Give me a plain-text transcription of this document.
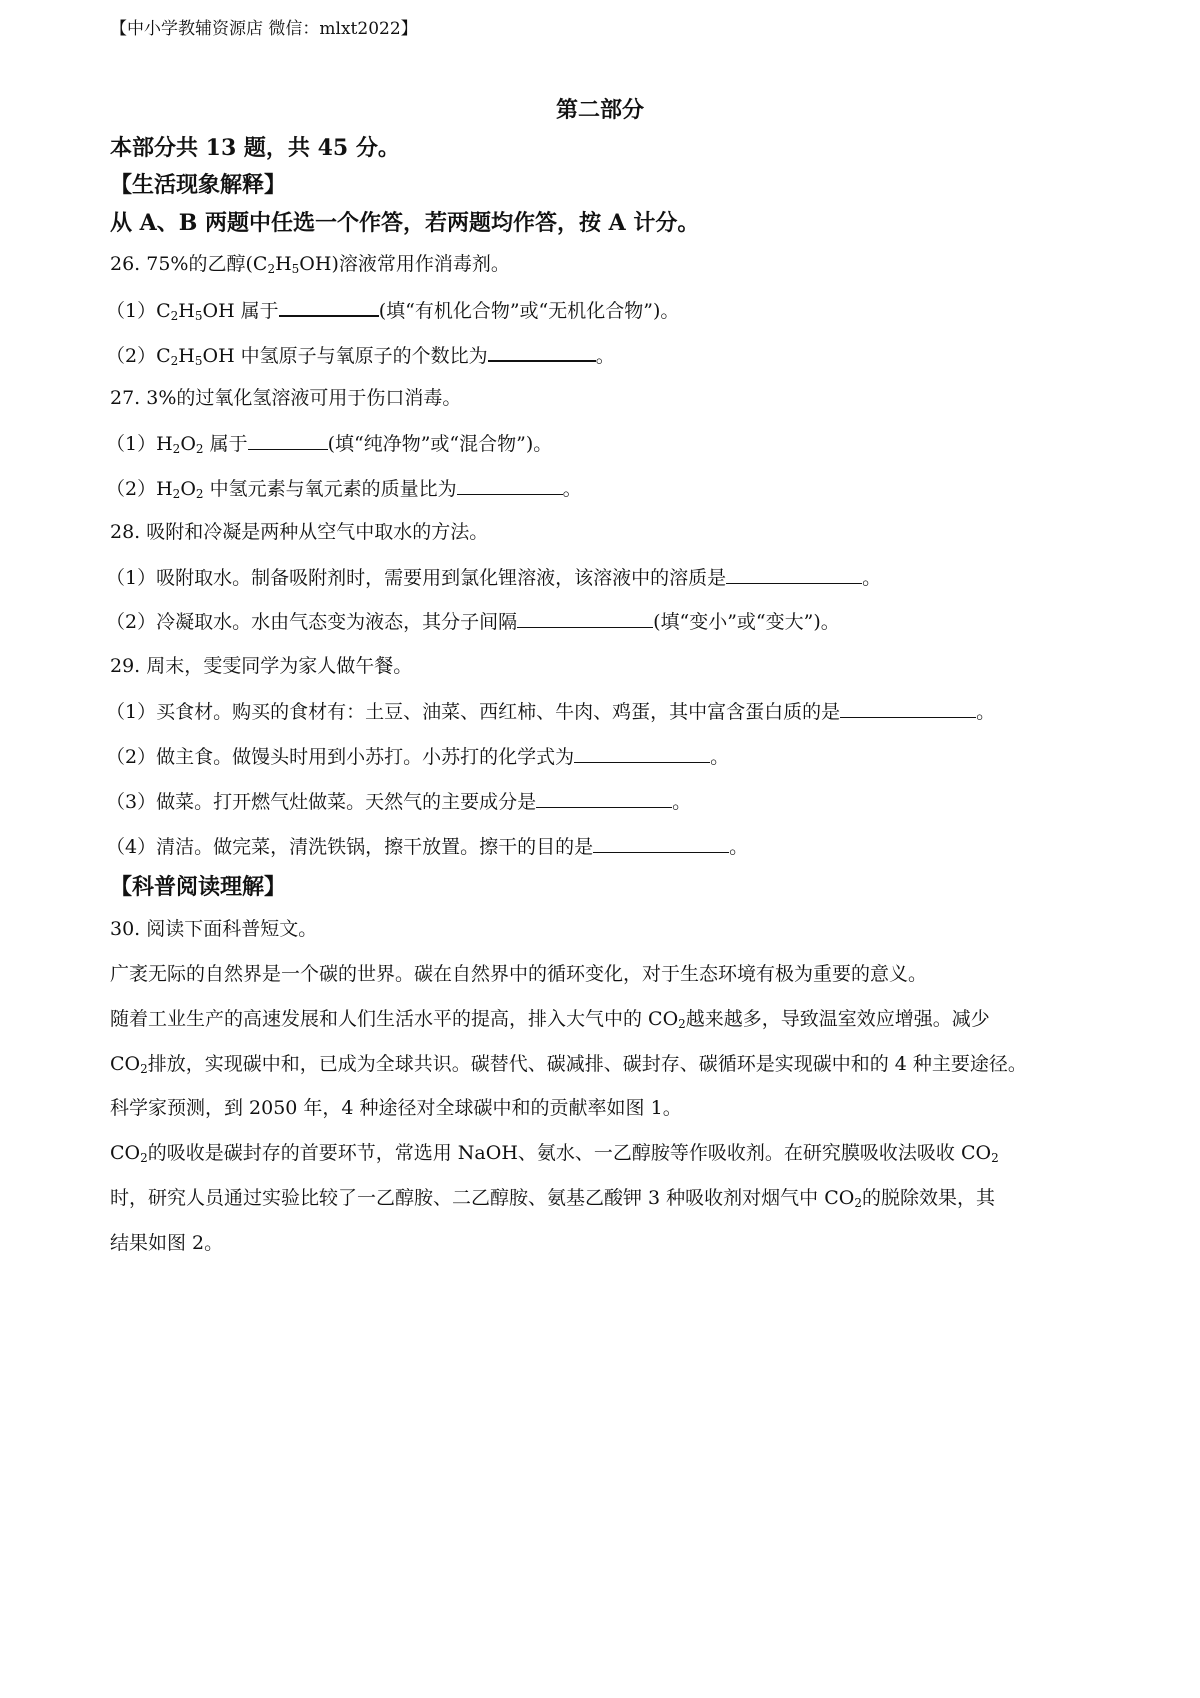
【中小学教辅资源店 微信：mlxt2022】
第二部分
本部分共 13 题，共 45 分。
【生活现象解释】
从 A、B 两题中任选一个作答，若两题均作答，按 A 计分。
26. 75%的乙醇$(C_2H_5OH)$溶液常用作消毒剂。
$(1)C_2H_5OH$ 属于	(填“有机化合物”或“无机化合物”)。
$(2)C_2H_5OH$ 中氢原子与氧原子的个数比为	。
27. 3%的过氧化氢溶液可用于伤口消毒。
$(1)H_2O_2$ 属于	(填“纯净物”或“混合物”)。
$(2)H_2O_2$ 中氢元素与氧元素的质量比为	。
28. 吸附和冷凝是两种从空气中取水的方法。
（1）吸附取水。制备吸附剂时，需要用到氯化锂溶液，该溶液中的溶质是	。
（2）冷凝取水。水由气态变为液态，其分子间隔	(填“变小”或“变大”)。
29. 周末，雯雯同学为家人做午餐。
（1）买食材。购买的食材有：土豆、油菜、西红柿、牛肉、鸡蛋，其中富含蛋白质的是	。
（2）做主食。做馒头时用到小苏打。小苏打的化学式为	。
（3）做菜。打开燃气灶做菜。天然气的主要成分是	。
（4）清洁。做完菜，清洗铁锅，擦干放置。擦干的目的是	。
【科普阅读理解】
30. 阅读下面科普短文。
广袤无际的自然界是一个碳的世界。碳在自然界中的循环变化，对于生态环境有极为重要的意义。
随着工业生产的高速发展和人们生活水平的提高，排入大气中的 $CO_2$越来越多，导致温室效应增强。减少
$CO_2$排放，实现碳中和，已成为全球共识。碳替代、碳减排、碳封存、碳循环是实现碳中和的 4 种主要途径。
科学家预测，到 2050 年，4 种途径对全球碳中和的贡献率如图 1。
$CO_2$的吸收是碳封存的首要环节，常选用 NaOH、氨水、一乙醇胺等作吸收剂。在研究膜吸收法吸收 $CO_2$
时，研究人员通过实验比较了一乙醇胺、二乙醇胺、氨基乙酸钾 3 种吸收剂对烟气中 $CO_2$的脱除效果，其
结果如图 2。
